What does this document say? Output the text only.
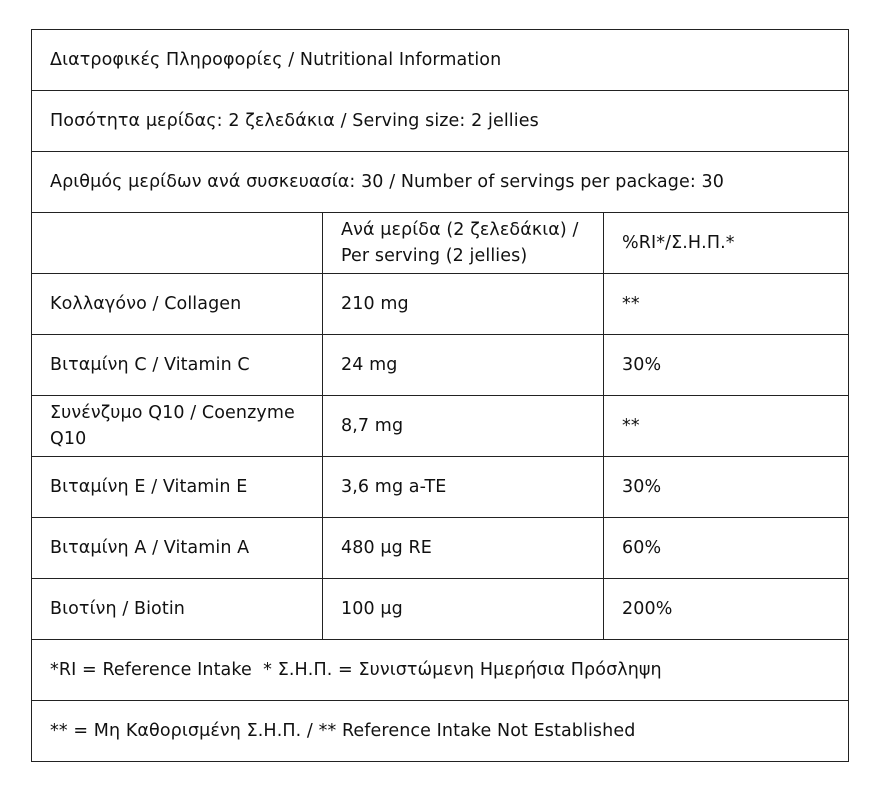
Διατροφικές Πληροφορίες / Nutritional Information		
Ποσότητα μερίδας: 2 ζελεδάκια / Serving size: 2 jellies		
Αριθμός μερίδων ανά συσκευασία: 30 / Number of servings per package: 30		
	Ανά μερίδα (2 ζελεδάκια) / Per serving (2 jellies)	%RI*/Σ.Η.Π.*
Κολλαγόνο / Collagen	210 mg	**
Βιταμίνη C / Vitamin C	24 mg	30%
Συνένζυμο Q10 / Coenzyme Q10	8,7 mg	**
Βιταμίνη E / Vitamin E	3,6 mg a-TE	30%
Βιταμίνη A / Vitamin A	480 μg RE	60%
Βιοτίνη / Biotin	100 μg	200%
*RI = Reference Intake  * Σ.Η.Π. = Συνιστώμενη Ημερήσια Πρόσληψη		
** = Μη Καθορισμένη Σ.Η.Π. / ** Reference Intake Not Established		
